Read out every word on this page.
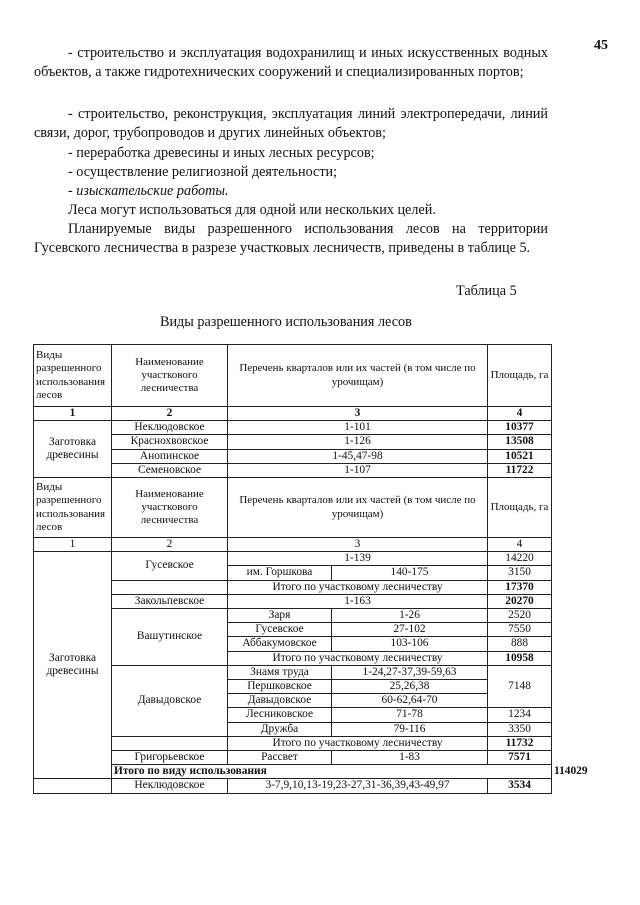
45

- строительство и эксплуатация водохранилищ и иных искусственных водных объектов, а также гидротехнических сооружений и специализированных портов;

- строительство, реконструкция, эксплуатация линий электропередачи, линий связи, дорог, трубопроводов и других линейных объектов;

- переработка древесины и иных лесных ресурсов;

- осуществление религиозной деятельности;

- изыскательские работы.

Леса могут использоваться для одной или нескольких целей.

Планируемые виды разрешенного использования лесов на территории Гусевского лесничества в разрезе участковых лесничеств, приведены в таблице 5.

Таблица 5
Виды разрешенного использования лесов
Виды разрешенного использования лесов	Наименование участкового лесничества	Перечень кварталов или их частей (в том числе по урочищам)		Площадь, га	
1	2	3		4	
Заготовка древесины	Неклюдовское	1-101		10377	
	Краснохвовское	1-126		13508	
	Анопинское	1-45,47-98		10521	
	Семеновское	1-107		11722	
Виды разрешенного использования лесов	Наименование участкового лесничества	Перечень кварталов или их частей (в том числе по урочищам)		Площадь, га	
1	2	3		4	
Заготовка древесины	Гусевское	1-139		14220	
		им. Горшкова	140-175	3150	
		Итого по участковому лесничеству		17370	
	Закольпевское	1-163		20270	
	Вашутинское	Заря	1-26	2520	
		Гусевское	27-102	7550	
		Аббакумовское	103-106	888	
		Итого по участковому лесничеству		10958	
	Давыдовское	Знамя труда	1-24,27-37,39-59,63	7148	
		Першковское	25,26,38		
		Давыдовское	60-62,64-70		
		Лесниковское	71-78	1234	
		Дружба	79-116	3350	
		Итого по участковому лесничеству		11732	
	Григорьевское	Рассвет	1-83	7571	
	Итого по виду использования				114029
	Неклюдовское	3-7,9,10,13-19,23-27,31-36,39,43-49,97		3534	
